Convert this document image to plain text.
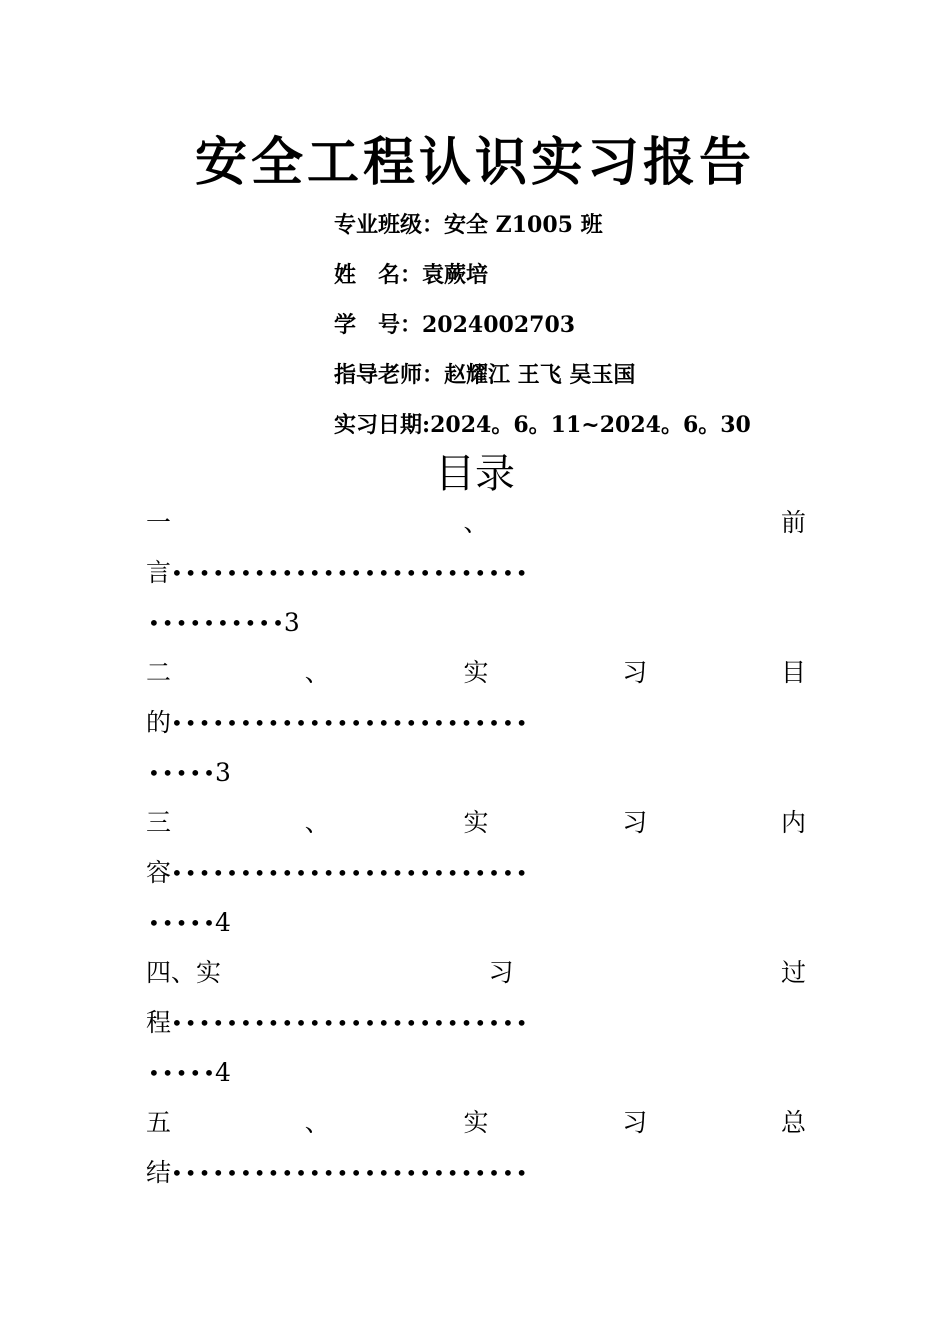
安全工程认识实习报告
专业班级：安全 Z1005 班
姓　名：袁蕨培
学　号：2024002703
指导老师：赵耀江 王飞 吴玉国
实习日期:2024。6。11~2024。6。30
目录
一	、	前
言 • • • • • • • • • • • • • • • • • • • • • • • • • •
 • • • • • • • • • • 3
二	、	实	习	目
的 • • • • • • • • • • • • • • • • • • • • • • • • • •
 • • • • • 3
三	、	实	习	内
容 • • • • • • • • • • • • • • • • • • • • • • • • • •
 • • • • • 4
四、实	习	过
程 • • • • • • • • • • • • • • • • • • • • • • • • • •
 • • • • • 4
五	、	实	习	总
结 • • • • • • • • • • • • • • • • • • • • • • • • • •
